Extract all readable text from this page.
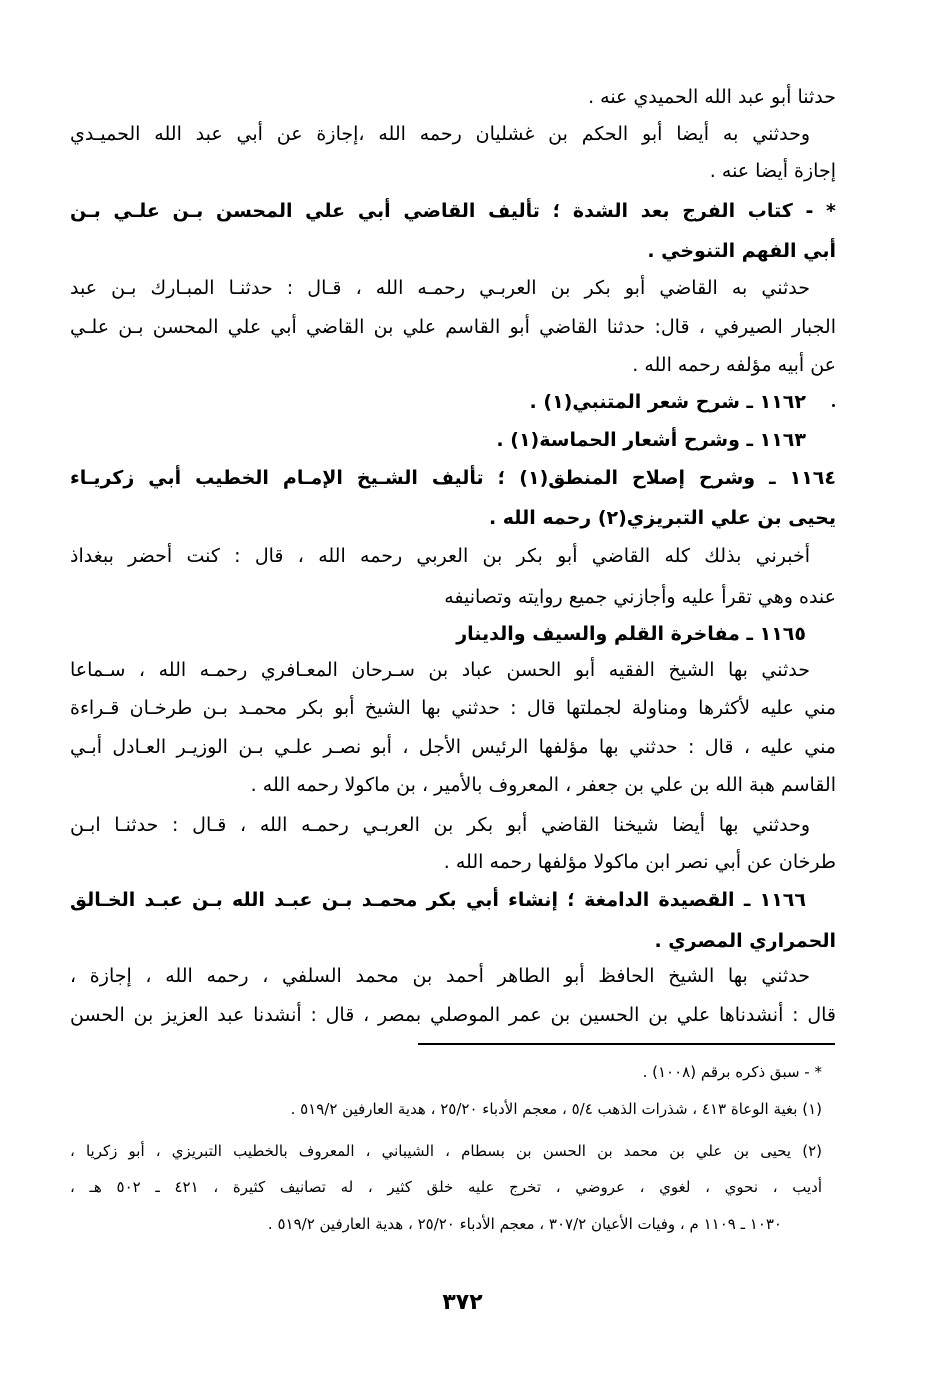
حدثنا أبو عبد الله الحميدي عنه .
وحدثني به أيضا أبو الحكم بن غشليان رحمه الله ،إجازة عن أبي عبد الله الحميـدي
إجازة أيضا عنه .
* - كتاب الفرج بعد الشدة ؛ تأليف القاضي أبي علي المحسن بـن علـي بـن
أبي الفهم التنوخي .
حدثني به القاضي أبو بكر بن العربـي رحمـه الله ، قـال : حدثنـا المبـارك بـن عبد
الجبار الصيرفي ، قال: حدثنا القاضي أبو القاسم علي بن القاضي أبي علي المحسن بـن علـي
عن أبيه مؤلفه رحمه الله .
١١٦٢ ـ شرح شعر المتنبي(١) .
١١٦٣ ـ وشرح أشعار الحماسة(١) .
١١٦٤ ـ وشرح إصلاح المنطق(١) ؛ تأليف الشـيخ الإمـام الخطيب أبي زكريـاء
يحيى بن علي التبريزي(٢) رحمه الله .
أخبرني بذلك كله القاضي أبو بكر بن العربي رحمه الله ، قال : كنت أحضر ببغداذ
عنده وهي تقرأ عليه وأجازني جميع روايته وتصانيفه
١١٦٥ ـ مفاخرة القلم والسيف والدينار
حدثني بها الشيخ الفقيه أبو الحسن عباد بن سـرحان المعـافري رحمـه الله ، سـماعا
مني عليه لأكثرها ومناولة لجملتها قال : حدثني بها الشيخ أبو بكر محمـد بـن طرخـان قـراءة
مني عليه ، قال : حدثني بها مؤلفها الرئيس الأجل ، أبو نصـر علـي بـن الوزيـر العـادل أبـي
القاسم هبة الله بن علي بن جعفر ، المعروف بالأمير ، بن ماكولا رحمه الله .
وحدثني بها أيضا شيخنا القاضي أبو بكر بن العربـي رحمـه الله ، قـال : حدثنـا ابـن
طرخان عن أبي نصر ابن ماكولا مؤلفها رحمه الله .
١١٦٦ ـ القصيدة الدامغة ؛ إنشاء أبي بكر محمـد بـن عبـد الله بـن عبـد الخـالق
الحمراري المصري .
حدثني بها الشيخ الحافظ أبو الطاهر أحمد بن محمد السلفي ، رحمه الله ، إجازة ،
قال : أنشدناها علي بن الحسين بن عمر الموصلي بمصر ، قال : أنشدنا عبد العزيز بن الحسن
* - سبق ذكره برقم (١٠٠٨) .
(١) بغية الوعاة ٤١٣ ، شذرات الذهب ٥/٤ ، معجم الأدباء ٢٥/٢٠ ، هدية العارفين ٥١٩/٢ .
(٢) يحيى بن علي بن محمد بن الحسن بن بسطام ، الشيباني ، المعروف بالخطيب التبريزي ، أبو زكريا ،
أديب ، نحوي ، لغوي ، عروضي ، تخرج عليه خلق كثير ، له تصانيف كثيرة ، ٤٢١ ـ ٥٠٢ هـ ،
١٠٣٠ ـ ١١٠٩ م ، وفيات الأعيان ٣٠٧/٢ ، معجم الأدباء ٢٥/٢٠ ، هدية العارفين ٥١٩/٢ .
٣٧٢
